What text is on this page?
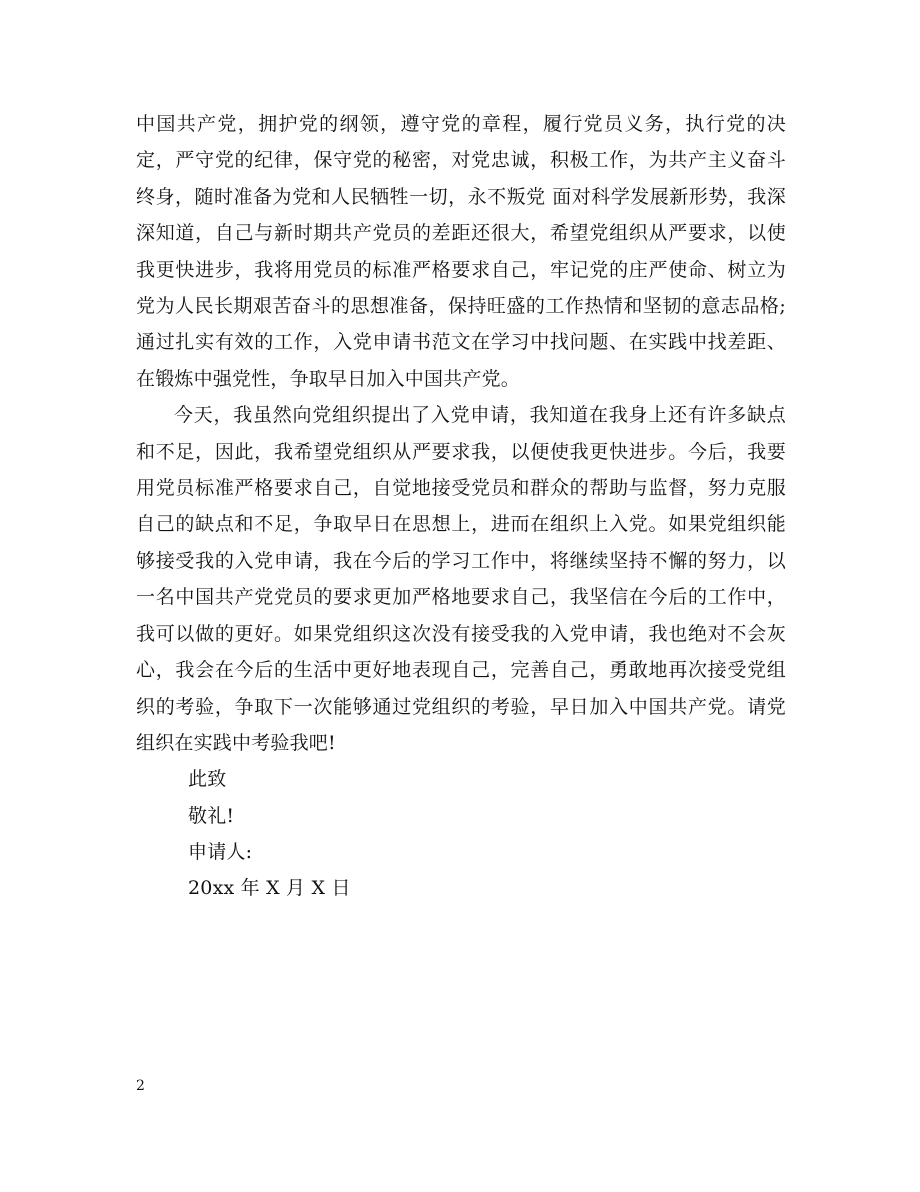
中国共产党，拥护党的纲领，遵守党的章程，履行党员义务，执行党的决定，严守党的纪律，保守党的秘密，对党忠诚，积极工作，为共产主义奋斗终身，随时准备为党和人民牺牲一切，永不叛党 面对科学发展新形势，我深深知道，自己与新时期共产党员的差距还很大，希望党组织从严要求，以使我更快进步，我将用党员的标准严格要求自己，牢记党的庄严使命、树立为党为人民长期艰苦奋斗的思想准备，保持旺盛的工作热情和坚韧的意志品格;通过扎实有效的工作，入党申请书范文在学习中找问题、在实践中找差距、在锻炼中强党性，争取早日加入中国共产党。

今天，我虽然向党组织提出了入党申请，我知道在我身上还有许多缺点和不足，因此，我希望党组织从严要求我，以便使我更快进步。今后，我要用党员标准严格要求自己，自觉地接受党员和群众的帮助与监督，努力克服自己的缺点和不足，争取早日在思想上，进而在组织上入党。如果党组织能够接受我的入党申请，我在今后的学习工作中，将继续坚持不懈的努力，以一名中国共产党党员的要求更加严格地要求自己，我坚信在今后的工作中，我可以做的更好。如果党组织这次没有接受我的入党申请，我也绝对不会灰心，我会在今后的生活中更好地表现自己，完善自己，勇敢地再次接受党组织的考验，争取下一次能够通过党组织的考验，早日加入中国共产党。请党组织在实践中考验我吧!

此致

敬礼!

申请人:

20xx 年 X 月 X 日

2
